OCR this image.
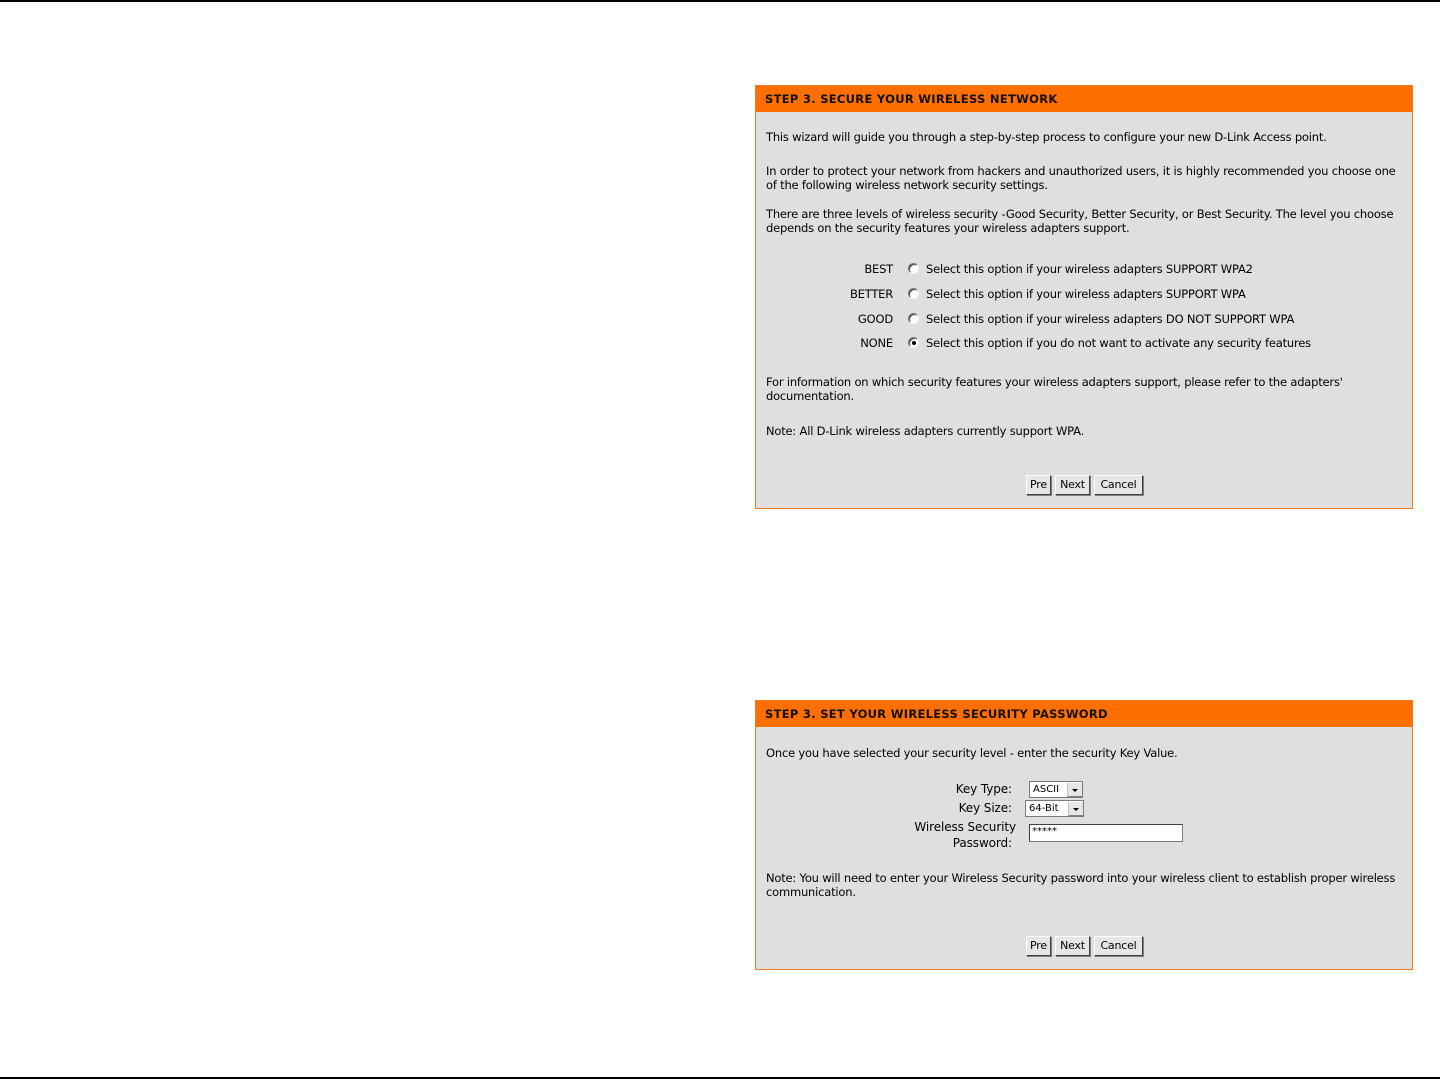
STEP 3. SECURE YOUR WIRELESS NETWORK

This wizard will guide you through a step-by-step process to configure your new D-Link Access point.

In order to protect your network from hackers and unauthorized users, it is highly recommended you choose one of the following wireless network security settings.

There are three levels of wireless security -Good Security, Better Security, or Best Security. The level you choose depends on the security features your wireless adapters support.

BEST	Select this option if your wireless adapters SUPPORT WPA2
BETTER	Select this option if your wireless adapters SUPPORT WPA
GOOD	Select this option if your wireless adapters DO NOT SUPPORT WPA
NONE	Select this option if you do not want to activate any security features

For information on which security features your wireless adapters support, please refer to the adapters' documentation.

Note: All D-Link wireless adapters currently support WPA.

Pre	Next	Cancel
STEP 3. SET YOUR WIRELESS SECURITY PASSWORD

Once you have selected your security level - enter the security Key Value.

Key Type:	ASCII
Key Size:	64-Bit
Wireless Security
Password:
*****

Note: You will need to enter your Wireless Security password into your wireless client to establish proper wireless communication.

Pre	Next	Cancel
